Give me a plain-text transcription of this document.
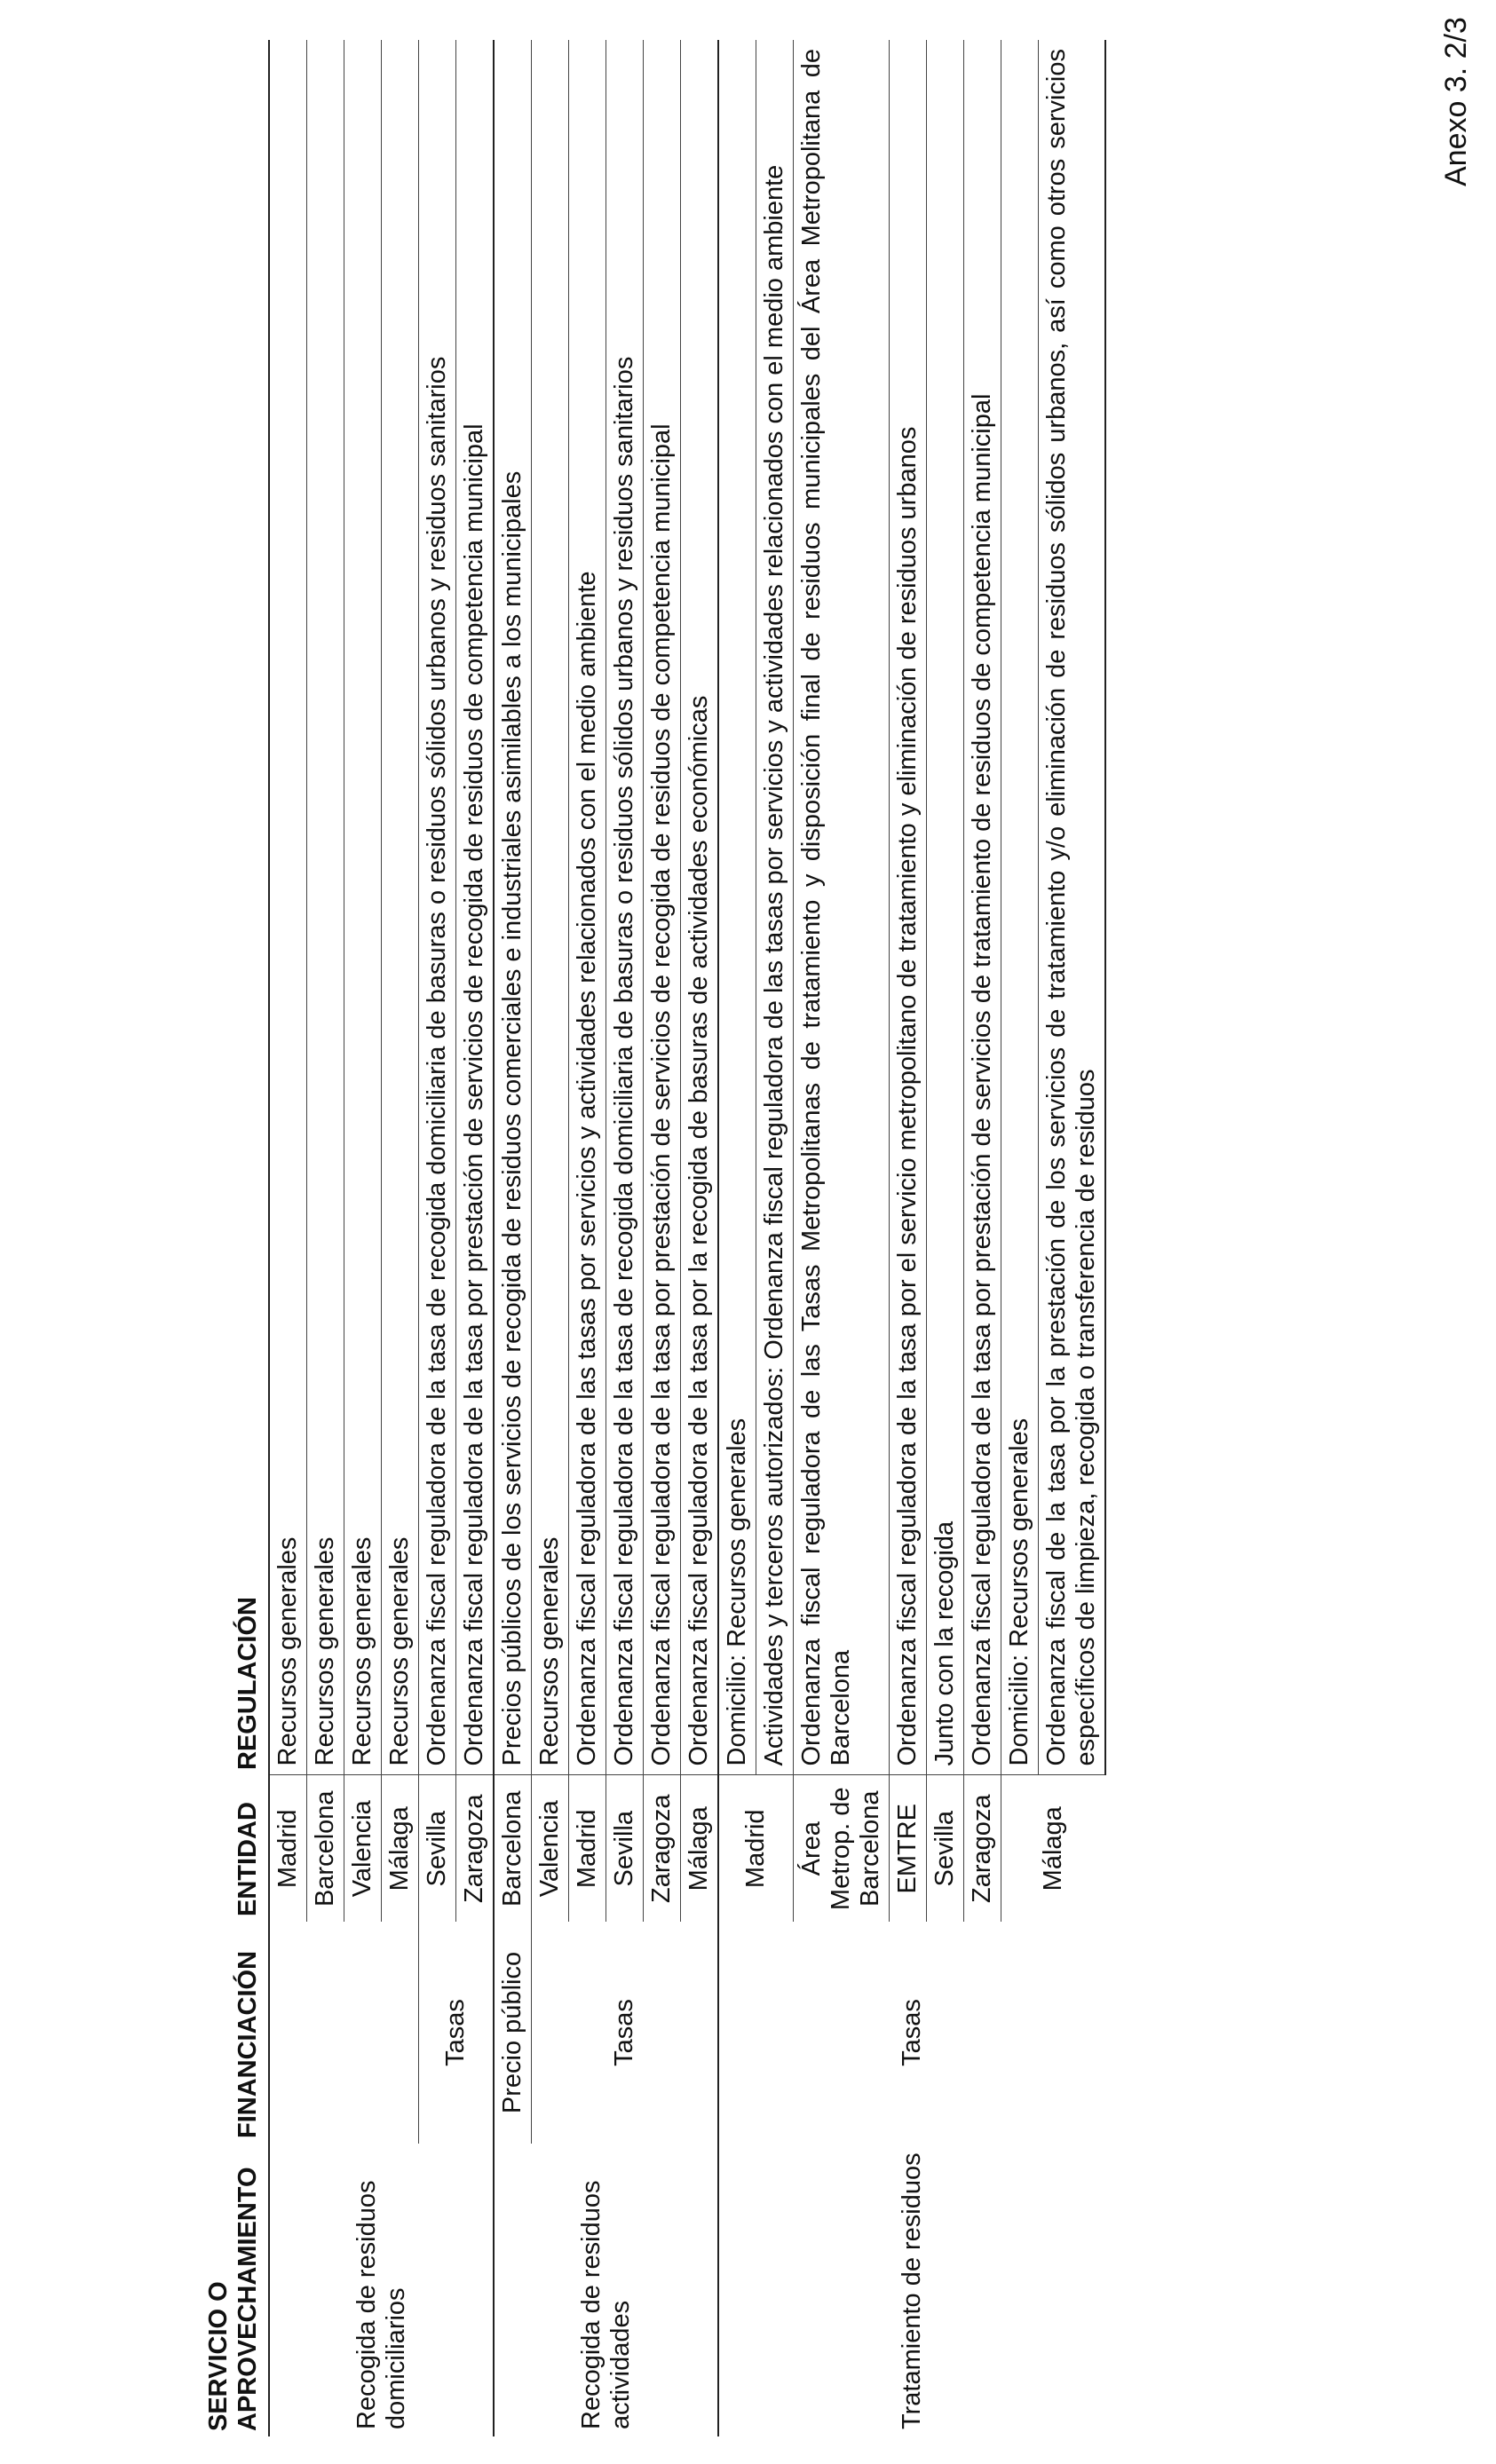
Anexo 3. 2/3
SERVICIO O APROVECHAMIENTO	FINANCIACIÓN	ENTIDAD	REGULACIÓN
Recogida de residuos domiciliarios		Madrid	Recursos generales
		Barcelona	Recursos generales
		Valencia	Recursos generales
		Málaga	Recursos generales
	Tasas	Sevilla	Ordenanza fiscal reguladora de la tasa de recogida domiciliaria de basuras o residuos sólidos urbanos y residuos sanitarios
		Zaragoza	Ordenanza fiscal reguladora de la tasa por prestación de servicios de recogida de residuos de competencia municipal
Recogida de residuos actividades	Precio público	Barcelona	Precios públicos de los servicios de recogida de residuos comerciales e industriales asimilables a los municipales
	Tasas	Valencia	Recursos generales
		Madrid	Ordenanza fiscal reguladora de las tasas por servicios y actividades relacionados con el medio ambiente
		Sevilla	Ordenanza fiscal reguladora de la tasa de recogida domiciliaria de basuras o residuos sólidos urbanos y residuos sanitarios
		Zaragoza	Ordenanza fiscal reguladora de la tasa por prestación de servicios de recogida de residuos de competencia municipal
		Málaga	Ordenanza fiscal reguladora de la tasa por la recogida de basuras de actividades económicas
Tratamiento de residuos	Tasas	Madrid	Domicilio: Recursos generales
			Actividades y terceros autorizados: Ordenanza fiscal reguladora de las tasas por servicios y actividades relacionados con el medio ambiente
		Área Metrop. de Barcelona	Ordenanza fiscal reguladora de las Tasas Metropolitanas de tratamiento y disposición final de residuos municipales del Área Metropolitana de Barcelona
		EMTRE	Ordenanza fiscal reguladora de la tasa por el servicio metropolitano de tratamiento y eliminación de residuos urbanos
		Sevilla	Junto con la recogida
		Zaragoza	Ordenanza fiscal reguladora de la tasa por prestación de servicios de tratamiento de residuos de competencia municipal
		Málaga	Domicilio: Recursos generales
			Ordenanza fiscal de la tasa por la prestación de los servicios de tratamiento y/o eliminación de residuos sólidos urbanos, así como otros servicios específicos de limpieza, recogida o transferencia de residuos
